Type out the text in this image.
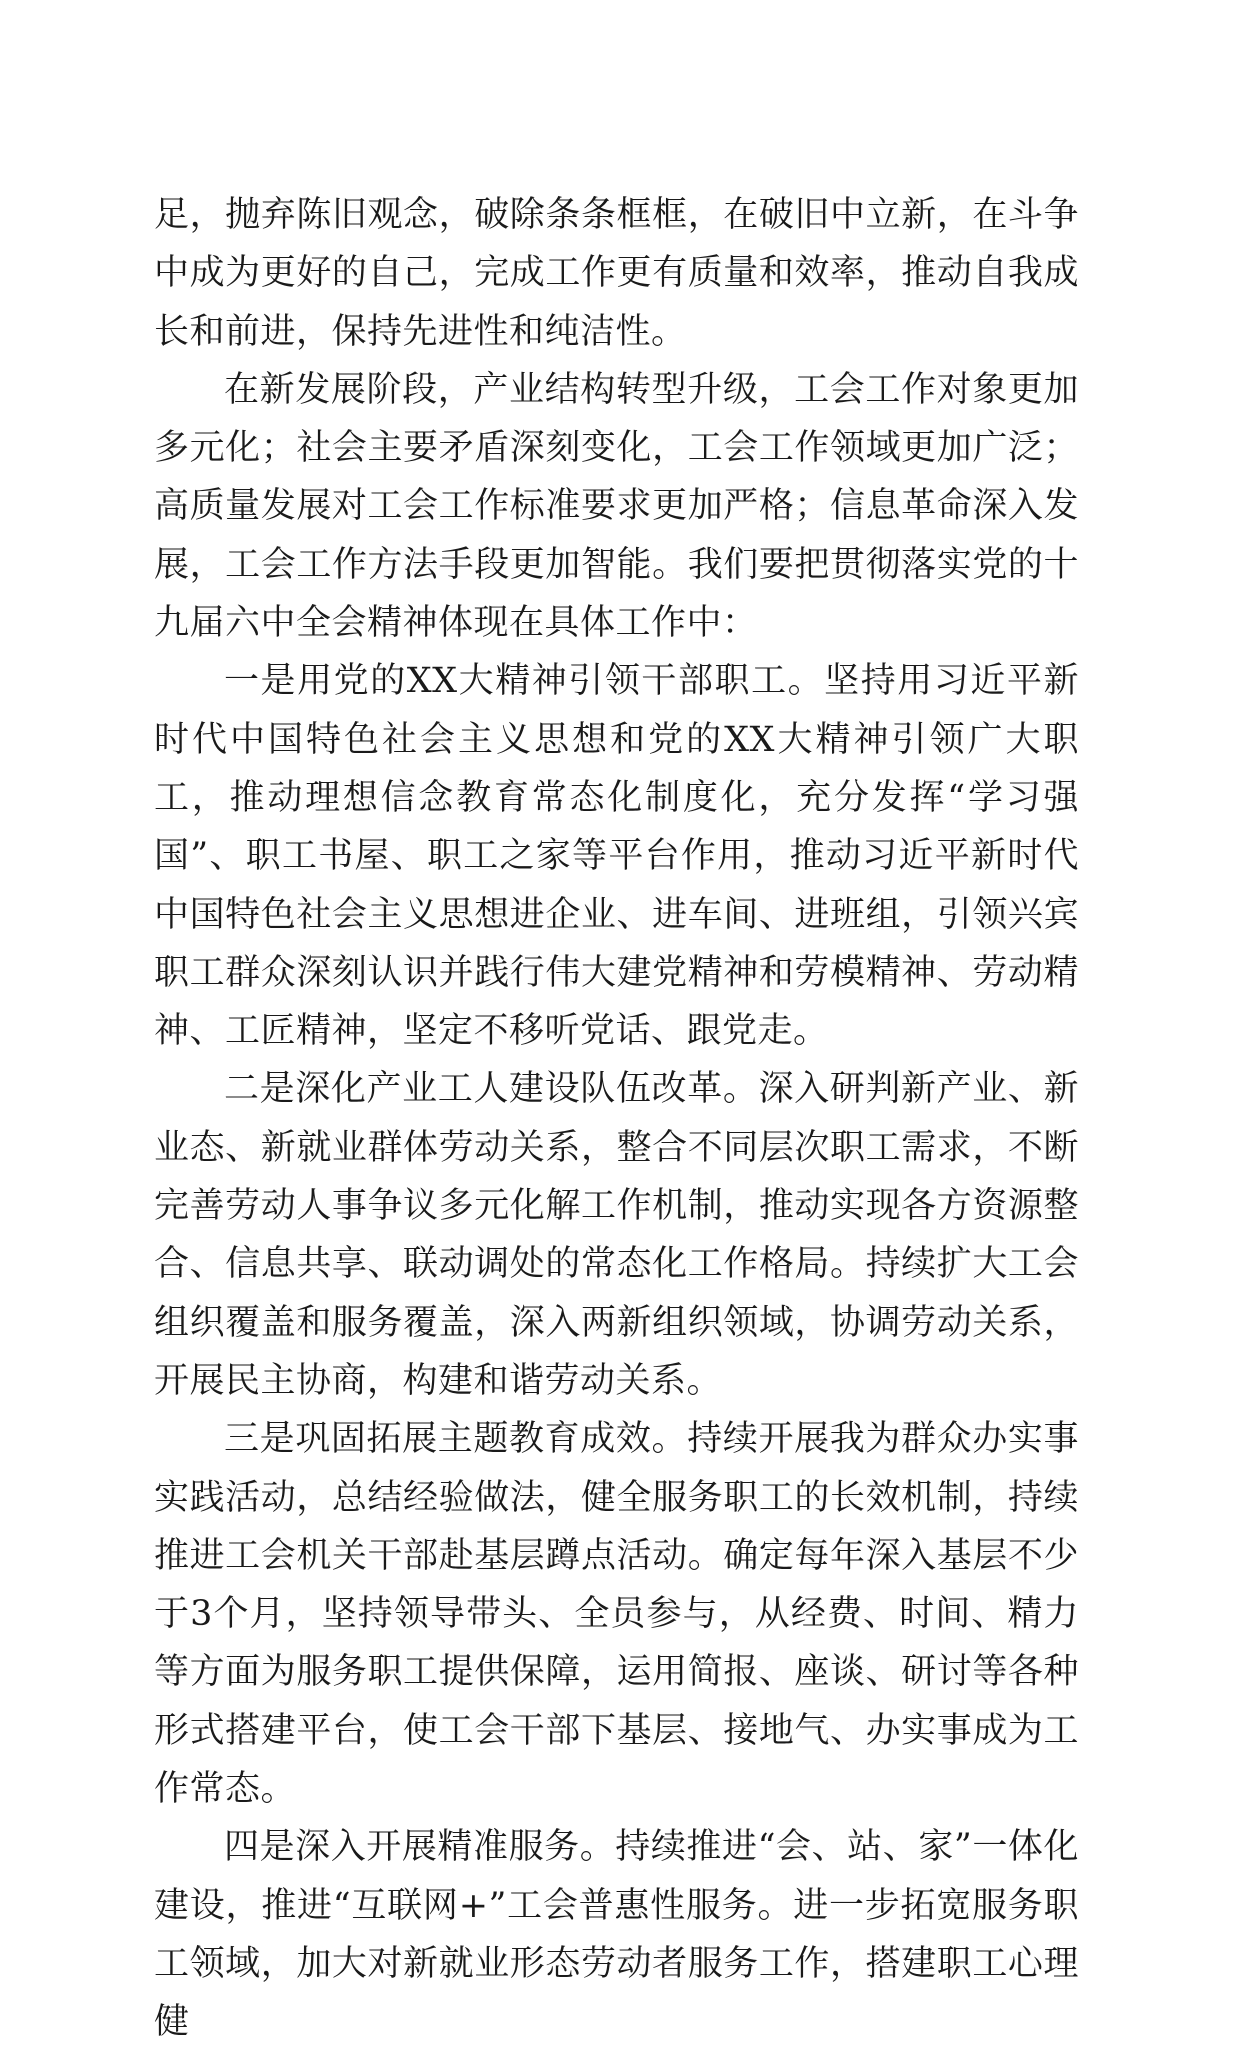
足，抛弃陈旧观念，破除条条框框，在破旧中立新，在斗争中成为更好的自己，完成工作更有质量和效率，推动自我成长和前进，保持先进性和纯洁性。

在新发展阶段，产业结构转型升级，工会工作对象更加多元化；社会主要矛盾深刻变化，工会工作领域更加广泛；高质量发展对工会工作标准要求更加严格；信息革命深入发展，工会工作方法手段更加智能。我们要把贯彻落实党的十九届六中全会精神体现在具体工作中：

一是用党的XX大精神引领干部职工。坚持用习近平新时代中国特色社会主义思想和党的XX大精神引领广大职工，推动理想信念教育常态化制度化，充分发挥“学习强国”、职工书屋、职工之家等平台作用，推动习近平新时代中国特色社会主义思想进企业、进车间、进班组，引领兴宾职工群众深刻认识并践行伟大建党精神和劳模精神、劳动精神、工匠精神，坚定不移听党话、跟党走。

二是深化产业工人建设队伍改革。深入研判新产业、新业态、新就业群体劳动关系，整合不同层次职工需求，不断完善劳动人事争议多元化解工作机制，推动实现各方资源整合、信息共享、联动调处的常态化工作格局。持续扩大工会组织覆盖和服务覆盖，深入两新组织领域，协调劳动关系，开展民主协商，构建和谐劳动关系。

三是巩固拓展主题教育成效。持续开展我为群众办实事实践活动，总结经验做法，健全服务职工的长效机制，持续推进工会机关干部赴基层蹲点活动。确定每年深入基层不少于3个月，坚持领导带头、全员参与，从经费、时间、精力等方面为服务职工提供保障，运用简报、座谈、研讨等各种形式搭建平台，使工会干部下基层、接地气、办实事成为工作常态。

四是深入开展精准服务。持续推进“会、站、家”一体化建设，推进“互联网+”工会普惠性服务。进一步拓宽服务职工领域，加大对新就业形态劳动者服务工作，搭建职工心理健
